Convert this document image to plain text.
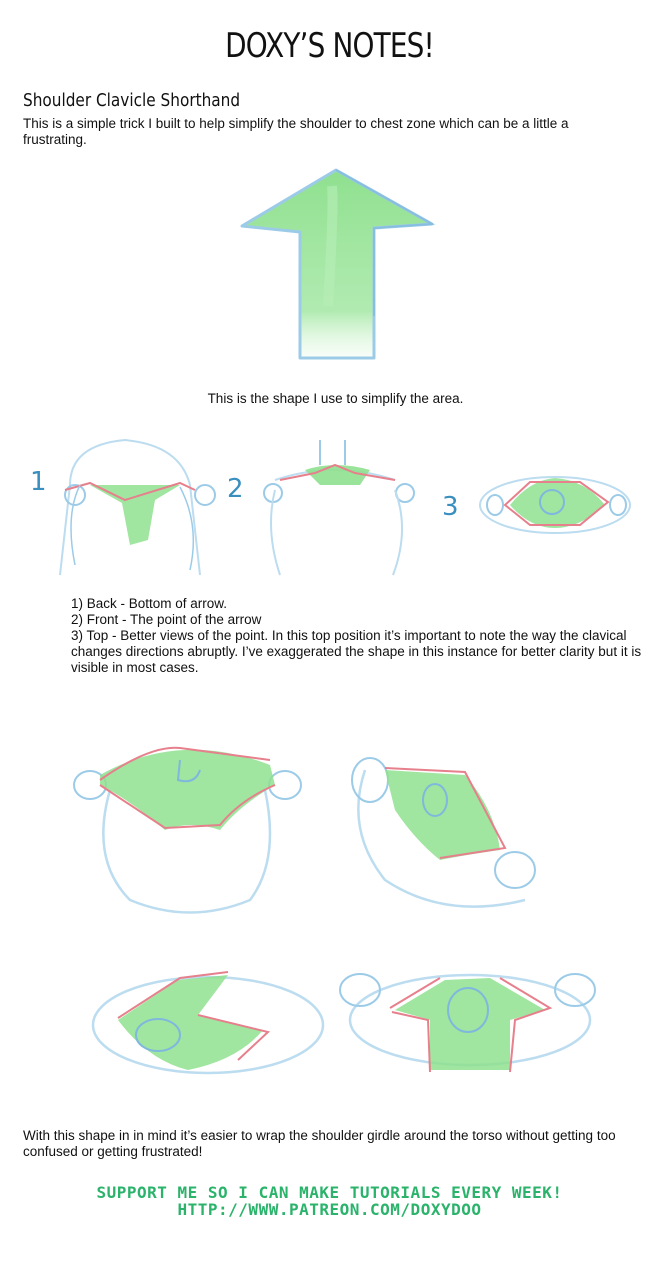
DOXY’S NOTES!
Shoulder Clavicle Shorthand
This is a simple trick I built to help simplify the shoulder to chest zone which can be a little a frustrating.
This is the shape I use to simplify the area.
1	2
3
1) Back - Bottom of arrow.
2) Front - The point of the arrow
3) Top - Better views of the point. In this top position it’s important to note the way the clavical changes directions abruptly. I’ve exaggerated the shape in this instance for better clarity but it is visible in most cases.
With this shape in in mind it’s easier to wrap the shoulder girdle around the torso without getting too confused or getting frustrated!
SUPPORT ME SO I CAN MAKE TUTORIALS EVERY WEEK!
HTTP://WWW.PATREON.COM/DOXYDOO
